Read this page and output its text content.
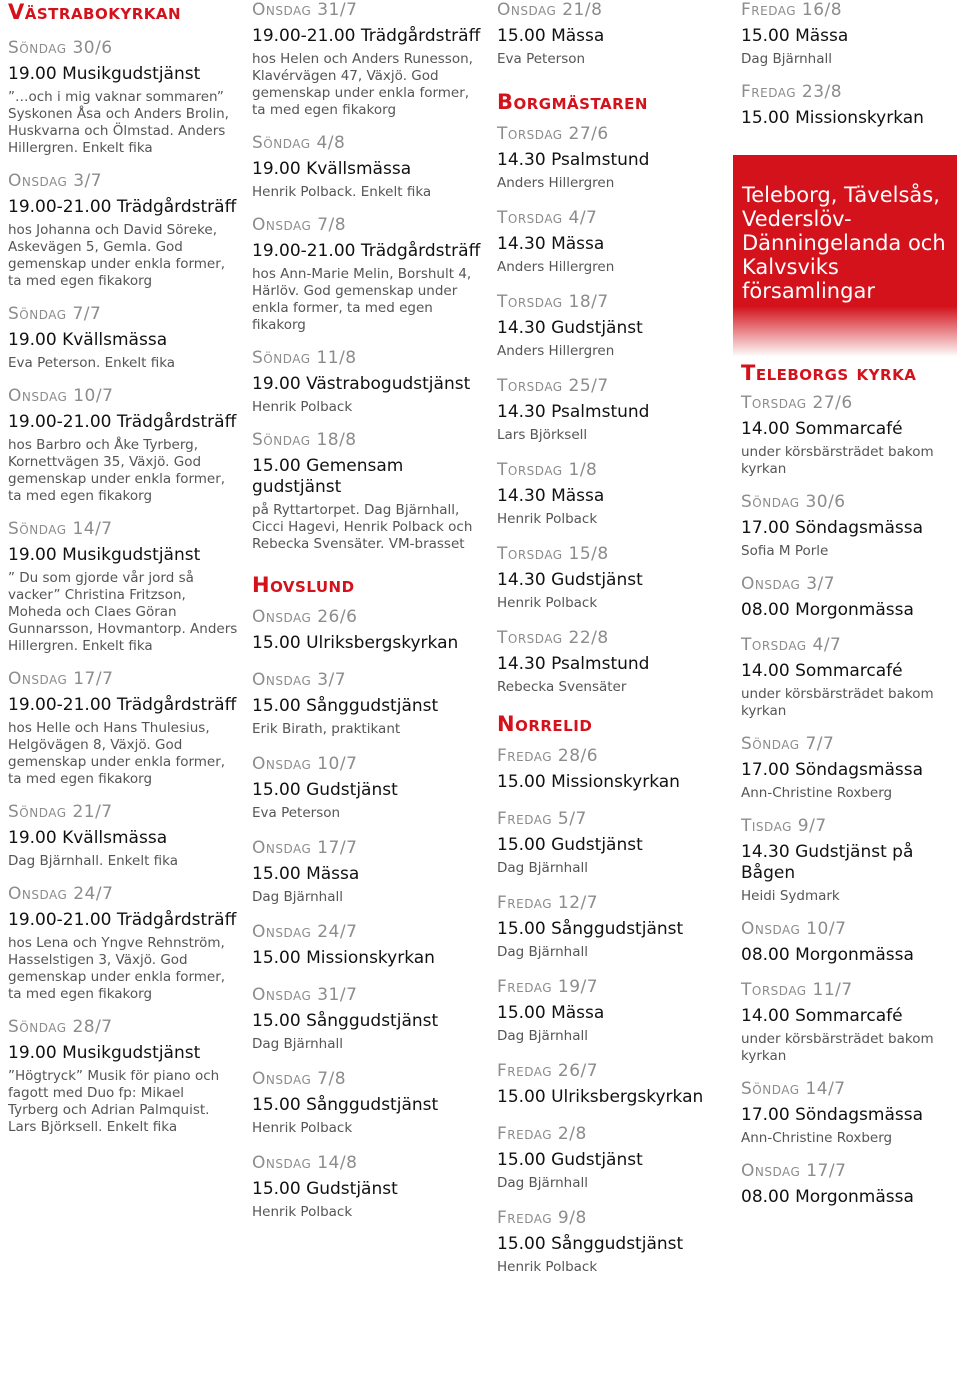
Västrabokyrkan
Söndag 30/6
19.00 Musikgudstjänst
”…och i mig vaknar sommaren” Syskonen Åsa och Anders Brolin, Huskvarna och Ölmstad. Anders Hillergren. Enkelt fika
Onsdag 3/7
19.00-21.00 Trädgårdsträff
hos Johanna och David Söreke, Askevägen 5, Gemla. God gemenskap under enkla former, ta med egen fikakorg
Söndag 7/7
19.00 Kvällsmässa
Eva Peterson. Enkelt fika
Onsdag 10/7
19.00-21.00 Trädgårdsträff
hos Barbro och Åke Tyrberg, Kornettvägen 35, Växjö. God gemenskap under enkla former, ta med egen fikakorg
Söndag 14/7
19.00 Musikgudstjänst
” Du som gjorde vår jord så vacker” Christina Fritzson, Moheda och Claes Göran Gunnarsson, Hovmantorp. Anders Hillergren. Enkelt fika
Onsdag 17/7
19.00-21.00 Trädgårdsträff
hos Helle och Hans Thulesius, Helgövägen 8, Växjö. God gemenskap under enkla former, ta med egen fikakorg
Söndag 21/7
19.00 Kvällsmässa
Dag Bjärnhall. Enkelt fika
Onsdag 24/7
19.00-21.00 Trädgårdsträff
hos Lena och Yngve Rehnström, Hasselstigen 3, Växjö. God gemenskap under enkla former, ta med egen fikakorg
Söndag 28/7
19.00 Musikgudstjänst
”Högtryck” Musik för piano och fagott med Duo fp: Mikael Tyrberg och Adrian Palmquist. Lars Björksell. Enkelt fika
Onsdag 31/7
19.00-21.00 Trädgårdsträff
hos Helen och Anders Runesson, Klavérvägen 47, Växjö. God gemenskap under enkla former, ta med egen fikakorg
Söndag 4/8
19.00 Kvällsmässa
Henrik Polback. Enkelt fika
Onsdag 7/8
19.00-21.00 Trädgårdsträff
hos Ann-Marie Melin, Borshult 4, Härlöv. God gemenskap under enkla former, ta med egen fikakorg
Söndag 11/8
19.00 Västrabogudstjänst
Henrik Polback
Söndag 18/8
15.00 Gemensam gudstjänst
på Ryttartorpet. Dag Bjärnhall, Cicci Hagevi, Henrik Polback och Rebecka Svensäter. VM-brasset
Hovslund
Onsdag 26/6
15.00 Ulriksbergskyrkan
Onsdag 3/7
15.00 Sånggudstjänst
Erik Birath, praktikant
Onsdag 10/7
15.00 Gudstjänst
Eva Peterson
Onsdag 17/7
15.00 Mässa
Dag Bjärnhall
Onsdag 24/7
15.00 Missionskyrkan
Onsdag 31/7
15.00 Sånggudstjänst
Dag Bjärnhall
Onsdag 7/8
15.00 Sånggudstjänst
Henrik Polback
Onsdag 14/8
15.00 Gudstjänst
Henrik Polback
Onsdag 21/8
15.00 Mässa
Eva Peterson
Borgmästaren
Torsdag 27/6
14.30 Psalmstund
Anders Hillergren
Torsdag 4/7
14.30 Mässa
Anders Hillergren
Torsdag 18/7
14.30 Gudstjänst
Anders Hillergren
Torsdag 25/7
14.30 Psalmstund
Lars Björksell
Torsdag 1/8
14.30 Mässa
Henrik Polback
Torsdag 15/8
14.30 Gudstjänst
Henrik Polback
Torsdag 22/8
14.30 Psalmstund
Rebecka Svensäter
Norrelid
Fredag 28/6
15.00 Missionskyrkan
Fredag 5/7
15.00 Gudstjänst
Dag Bjärnhall
Fredag 12/7
15.00 Sånggudstjänst
Dag Bjärnhall
Fredag 19/7
15.00 Mässa
Dag Bjärnhall
Fredag 26/7
15.00 Ulriksbergskyrkan
Fredag 2/8
15.00 Gudstjänst
Dag Bjärnhall
Fredag 9/8
15.00 Sånggudstjänst
Henrik Polback
Fredag 16/8
15.00 Mässa
Dag Bjärnhall
Fredag 23/8
15.00 Missionskyrkan
Teleborg, Tävelsås, Vederslöv-Dänningelanda och Kalvsviks församlingar
Teleborgs kyrka
Torsdag 27/6
14.00 Sommarcafé
under körsbärsträdet bakom kyrkan
Söndag 30/6
17.00 Söndagsmässa
Sofia M Porle
Onsdag 3/7
08.00 Morgonmässa
Torsdag 4/7
14.00 Sommarcafé
under körsbärsträdet bakom kyrkan
Söndag 7/7
17.00 Söndagsmässa
Ann-Christine Roxberg
Tisdag 9/7
14.30 Gudstjänst på Bågen
Heidi Sydmark
Onsdag 10/7
08.00 Morgonmässa
Torsdag 11/7
14.00 Sommarcafé
under körsbärsträdet bakom kyrkan
Söndag 14/7
17.00 Söndagsmässa
Ann-Christine Roxberg
Onsdag 17/7
08.00 Morgonmässa
